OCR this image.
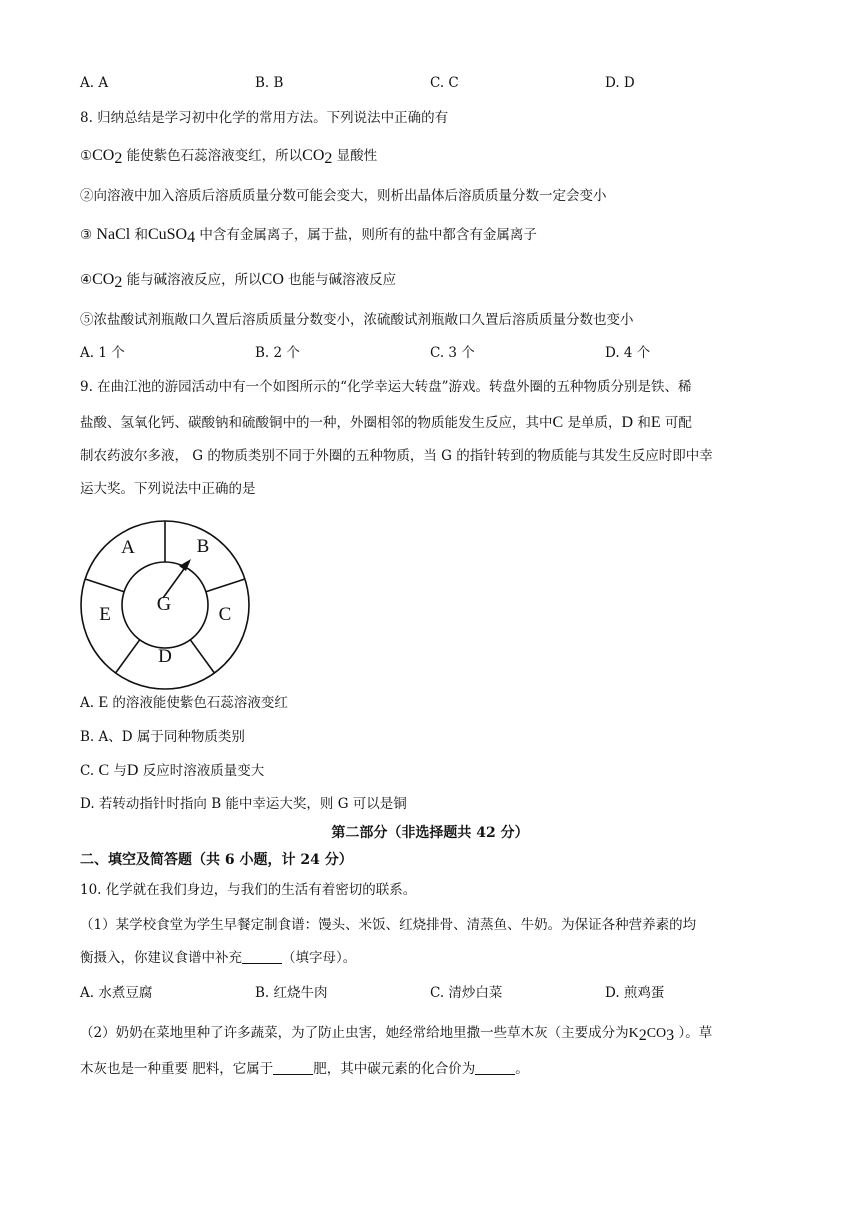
A. A	B. B	C. C	D. D
8. 归纳总结是学习初中化学的常用方法。下列说法中正确的有
$①CO_2$ 能使紫色石蕊溶液变红，所以$CO_2$ 显酸性
②向溶液中加入溶质后溶质质量分数可能会变大，则析出晶体后溶质质量分数一定会变小
③ NaCl 和CuSO$_4$ 中含有金属离子，属于盐，则所有的盐中都含有金属离子
$④CO_2$ 能与碱溶液反应，所以CO 也能与碱溶液反应
⑤浓盐酸试剂瓶敞口久置后溶质质量分数变小，浓硫酸试剂瓶敞口久置后溶质质量分数也变小
A. 1 个	B. 2 个	C. 3 个	D. 4 个
9. 在曲江池的游园活动中有一个如图所示的“化学幸运大转盘”游戏。转盘外圈的五种物质分别是铁、稀
盐酸、氢氧化钙、碳酸钠和硫酸铜中的一种，外圈相邻的物质能发生反应，其中C 是单质，D 和E 可配
制农药波尔多液， G 的物质类别不同于外圈的五种物质，当 G 的指针转到的物质能与其发生反应时即中幸
运大奖。下列说法中正确的是
A	B
C
D
E G
A. E 的溶液能使紫色石蕊溶液变红
B. A、D 属于同种物质类别
C. C 与D 反应时溶液质量变大
D. 若转动指针时指向 B 能中幸运大奖，则 G 可以是铜
第二部分（非选择题共 42 分）
二、填空及简答题（共 6 小题，计 24 分）
10. 化学就在我们身边，与我们的生活有着密切的联系。
（1）某学校食堂为学生早餐定制食谱：馒头、米饭、红烧排骨、清蒸鱼、牛奶。为保证各种营养素的均
衡摄入，你建议食谱中补充	（填字母）。
A. 水煮豆腐	B. 红烧牛肉	C. 清炒白菜	D. 煎鸡蛋
（2）奶奶在菜地里种了许多蔬菜，为了防止虫害，她经常给地里撒一些草木灰（主要成分为$K_2CO_3$ ）。草
木灰也是一种重要 肥料，它属于	肥，其中碳元素的化合价为	。
